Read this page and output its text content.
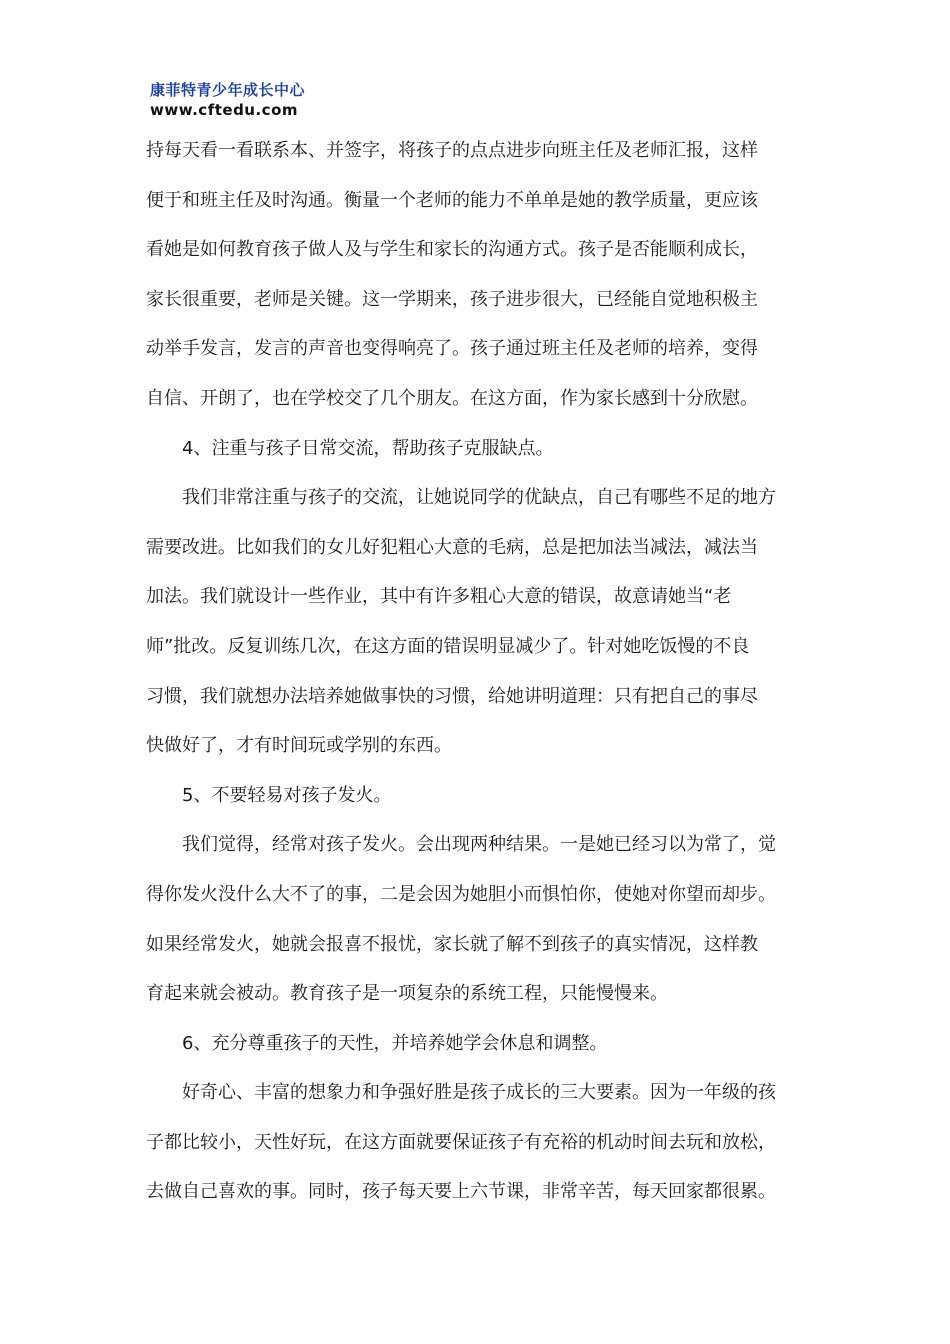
康菲特青少年成长中心
www.cftedu.com
持每天看一看联系本、并签字，将孩子的点点进步向班主任及老师汇报，这样
便于和班主任及时沟通。衡量一个老师的能力不单单是她的教学质量，更应该
看她是如何教育孩子做人及与学生和家长的沟通方式。孩子是否能顺利成长，
家长很重要，老师是关键。这一学期来，孩子进步很大，已经能自觉地积极主
动举手发言，发言的声音也变得响亮了。孩子通过班主任及老师的培养，变得
自信、开朗了，也在学校交了几个朋友。在这方面，作为家长感到十分欣慰。
4、注重与孩子日常交流，帮助孩子克服缺点。
我们非常注重与孩子的交流，让她说同学的优缺点，自己有哪些不足的地方
需要改进。比如我们的女儿好犯粗心大意的毛病，总是把加法当减法，减法当
加法。我们就设计一些作业，其中有许多粗心大意的错误，故意请她当“老
师”批改。反复训练几次，在这方面的错误明显减少了。针对她吃饭慢的不良
习惯，我们就想办法培养她做事快的习惯，给她讲明道理：只有把自己的事尽
快做好了，才有时间玩或学别的东西。
5、不要轻易对孩子发火。
我们觉得，经常对孩子发火。会出现两种结果。一是她已经习以为常了，觉
得你发火没什么大不了的事，二是会因为她胆小而惧怕你，使她对你望而却步。
如果经常发火，她就会报喜不报忧，家长就了解不到孩子的真实情况，这样教
育起来就会被动。教育孩子是一项复杂的系统工程，只能慢慢来。
6、充分尊重孩子的天性，并培养她学会休息和调整。
好奇心、丰富的想象力和争强好胜是孩子成长的三大要素。因为一年级的孩
子都比较小，天性好玩，在这方面就要保证孩子有充裕的机动时间去玩和放松，
去做自己喜欢的事。同时，孩子每天要上六节课，非常辛苦，每天回家都很累。
